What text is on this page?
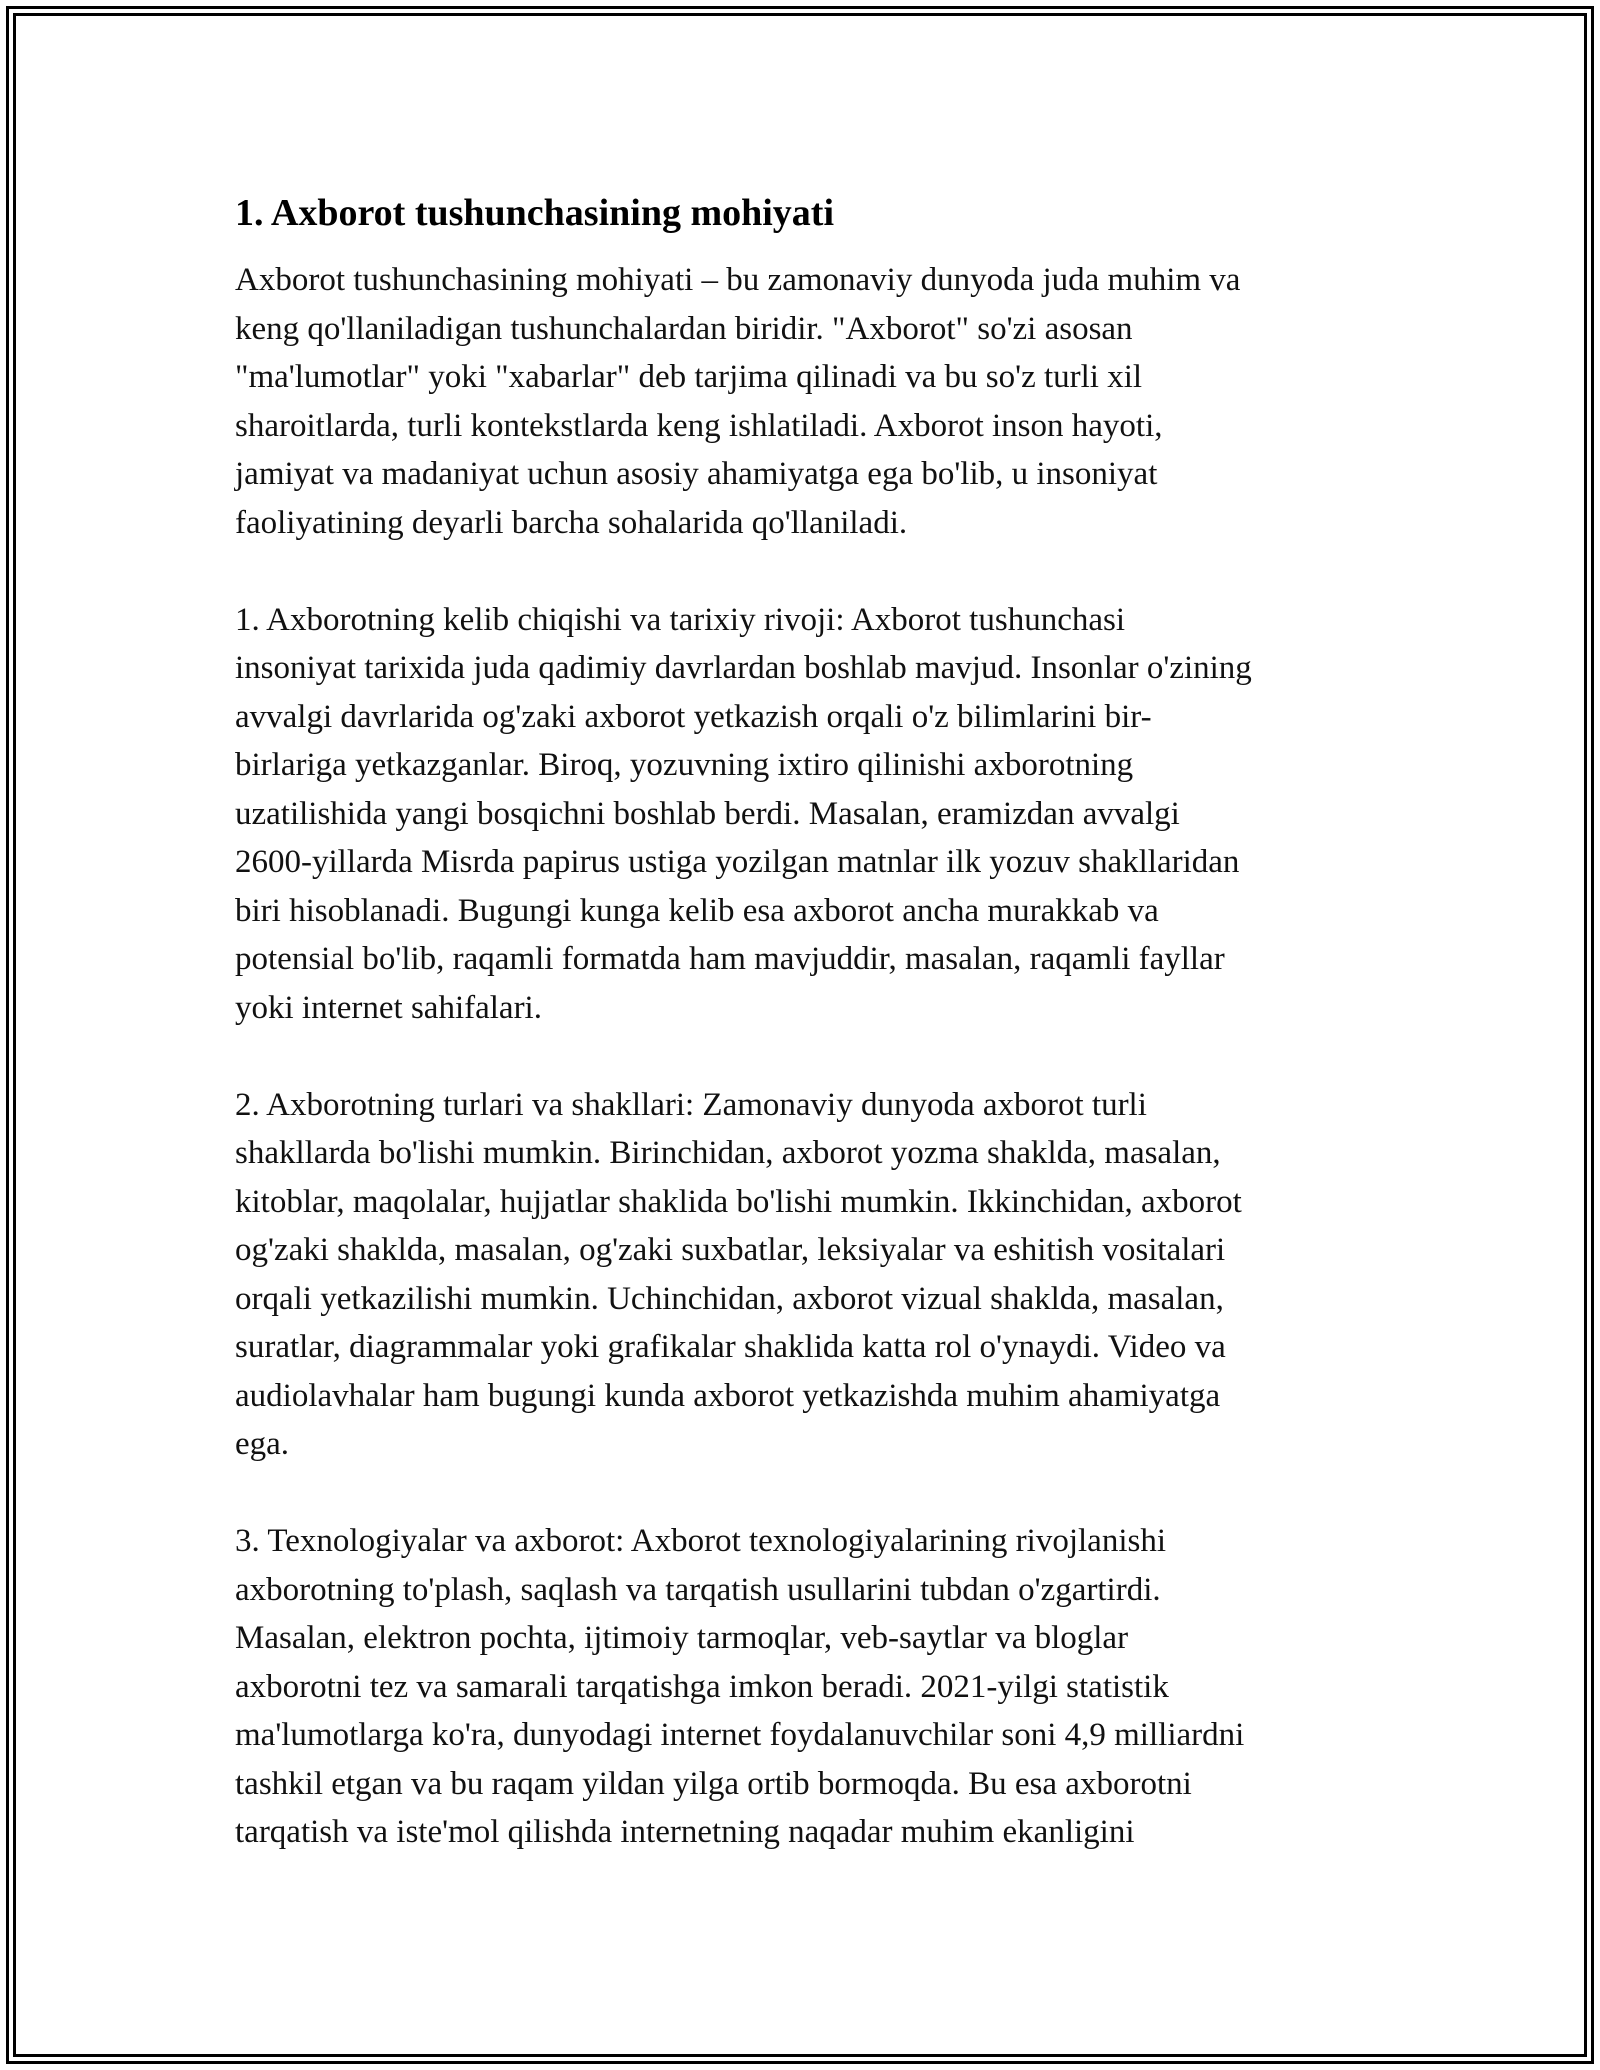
1. Axborot tushunchasining mohiyati

Axborot tushunchasining mohiyati – bu zamonaviy dunyoda juda muhim va
keng qo'llaniladigan tushunchalardan biridir. "Axborot" so'zi asosan
"ma'lumotlar" yoki "xabarlar" deb tarjima qilinadi va bu so'z turli xil
sharoitlarda, turli kontekstlarda keng ishlatiladi. Axborot inson hayoti,
jamiyat va madaniyat uchun asosiy ahamiyatga ega bo'lib, u insoniyat
faoliyatining deyarli barcha sohalarida qo'llaniladi.

1. Axborotning kelib chiqishi va tarixiy rivoji: Axborot tushunchasi
insoniyat tarixida juda qadimiy davrlardan boshlab mavjud. Insonlar o'zining
avvalgi davrlarida og'zaki axborot yetkazish orqali o'z bilimlarini bir-
birlariga yetkazganlar. Biroq, yozuvning ixtiro qilinishi axborotning
uzatilishida yangi bosqichni boshlab berdi. Masalan, eramizdan avvalgi
2600-yillarda Misrda papirus ustiga yozilgan matnlar ilk yozuv shakllaridan
biri hisoblanadi. Bugungi kunga kelib esa axborot ancha murakkab va
potensial bo'lib, raqamli formatda ham mavjuddir, masalan, raqamli fayllar
yoki internet sahifalari.

2. Axborotning turlari va shakllari: Zamonaviy dunyoda axborot turli
shakllarda bo'lishi mumkin. Birinchidan, axborot yozma shaklda, masalan,
kitoblar, maqolalar, hujjatlar shaklida bo'lishi mumkin. Ikkinchidan, axborot
og'zaki shaklda, masalan, og'zaki suxbatlar, leksiyalar va eshitish vositalari
orqali yetkazilishi mumkin. Uchinchidan, axborot vizual shaklda, masalan,
suratlar, diagrammalar yoki grafikalar shaklida katta rol o'ynaydi. Video va
audiolavhalar ham bugungi kunda axborot yetkazishda muhim ahamiyatga
ega.

3. Texnologiyalar va axborot: Axborot texnologiyalarining rivojlanishi
axborotning to'plash, saqlash va tarqatish usullarini tubdan o'zgartirdi.
Masalan, elektron pochta, ijtimoiy tarmoqlar, veb-saytlar va bloglar
axborotni tez va samarali tarqatishga imkon beradi. 2021-yilgi statistik
ma'lumotlarga ko'ra, dunyodagi internet foydalanuvchilar soni 4,9 milliardni
tashkil etgan va bu raqam yildan yilga ortib bormoqda. Bu esa axborotni
tarqatish va iste'mol qilishda internetning naqadar muhim ekanligini
